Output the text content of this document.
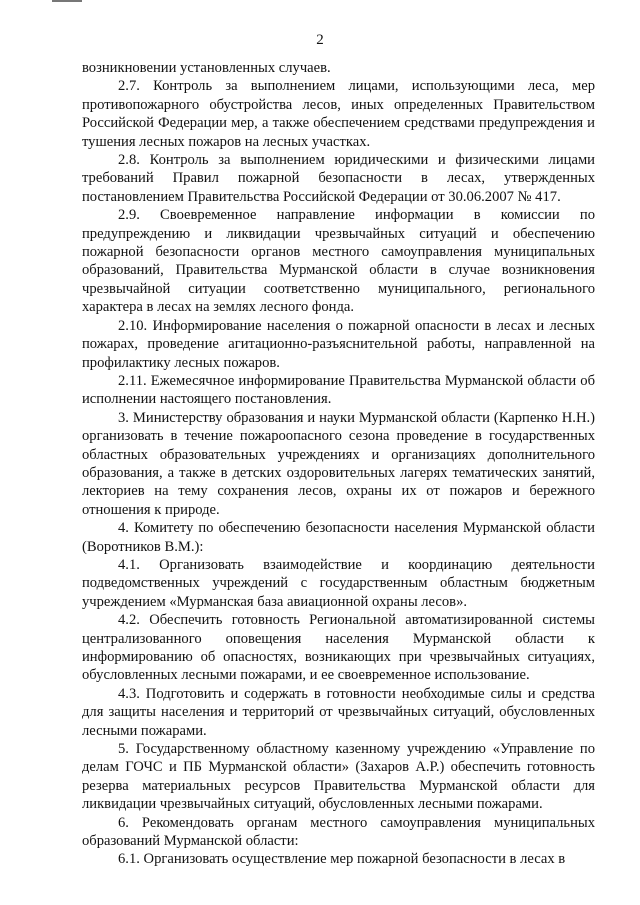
2

возникновении установленных случаев.

2.7. Контроль за выполнением лицами, использующими леса, мер противопожарного обустройства лесов, иных определенных Правительством Российской Федерации мер, а также обеспечением средствами предупреждения и тушения лесных пожаров на лесных участках.

2.8. Контроль за выполнением юридическими и физическими лицами требований Правил пожарной безопасности в лесах, утвержденных постановлением Правительства Российской Федерации от 30.06.2007 № 417.

2.9. Своевременное направление информации в комиссии по предупреждению и ликвидации чрезвычайных ситуаций и обеспечению пожарной безопасности органов местного самоуправления муниципальных образований, Правительства Мурманской области в случае возникновения чрезвычайной ситуации соответственно муниципального, регионального характера в лесах на землях лесного фонда.

2.10. Информирование населения о пожарной опасности в лесах и лесных пожарах, проведение агитационно-разъяснительной работы, направленной на профилактику лесных пожаров.

2.11. Ежемесячное информирование Правительства Мурманской области об исполнении настоящего постановления.

3. Министерству образования и науки Мурманской области (Карпенко Н.Н.) организовать в течение пожароопасного сезона проведение в государственных областных образовательных учреждениях и организациях дополнительного образования, а также в детских оздоровительных лагерях тематических занятий, лекториев на тему сохранения лесов, охраны их от пожаров и бережного отношения к природе.

4. Комитету по обеспечению безопасности населения Мурманской области (Воротников В.М.):

4.1. Организовать взаимодействие и координацию деятельности подведомственных учреждений с государственным областным бюджетным учреждением «Мурманская база авиационной охраны лесов».

4.2. Обеспечить готовность Региональной автоматизированной системы централизованного оповещения населения Мурманской области к информированию об опасностях, возникающих при чрезвычайных ситуациях, обусловленных лесными пожарами, и ее своевременное использование.

4.3. Подготовить и содержать в готовности необходимые силы и средства для защиты населения и территорий от чрезвычайных ситуаций, обусловленных лесными пожарами.

5. Государственному областному казенному учреждению «Управление по делам ГОЧС и ПБ Мурманской области» (Захаров А.Р.) обеспечить готовность резерва материальных ресурсов Правительства Мурманской области для ликвидации чрезвычайных ситуаций, обусловленных лесными пожарами.

6. Рекомендовать органам местного самоуправления муниципальных образований Мурманской области:

6.1. Организовать осуществление мер пожарной безопасности в лесах в
